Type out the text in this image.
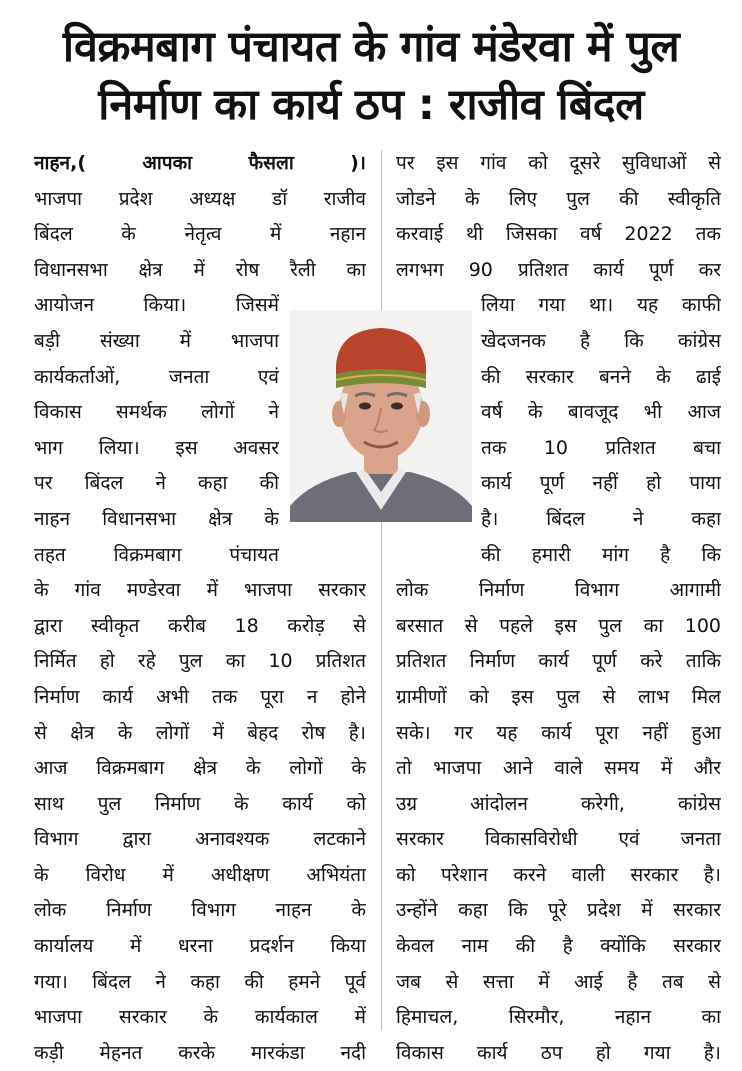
विक्रमबाग पंचायत के गांव मंडेरवा में पुल
निर्माण का कार्य ठप : राजीव बिंदल
नाहन,( आपका फैसला )।
भाजपा प्रदेश अध्यक्ष डॉ राजीव
बिंदल के नेतृत्व में नहान
विधानसभा क्षेत्र में रोष रैली का
आयोजन किया। जिसमें
बड़ी संख्या में भाजपा
कार्यकर्ताओं, जनता एवं
विकास समर्थक लोगों ने
भाग लिया। इस अवसर
पर बिंदल ने कहा की
नाहन विधानसभा क्षेत्र के
तहत विक्रमबाग पंचायत
के गांव मण्डेरवा में भाजपा सरकार
द्वारा स्वीकृत करीब 18 करोड़ से
निर्मित हो रहे पुल का 10 प्रतिशत
निर्माण कार्य अभी तक पूरा न होने
से क्षेत्र के लोगों में बेहद रोष है।
आज विक्रमबाग क्षेत्र के लोगों के
साथ पुल निर्माण के कार्य को
विभाग द्वारा अनावश्यक लटकाने
के विरोध में अधीक्षण अभियंता
लोक निर्माण विभाग नाहन के
कार्यालय में धरना प्रदर्शन किया
गया। बिंदल ने कहा की हमने पूर्व
भाजपा सरकार के कार्यकाल में
कड़ी मेहनत करके मारकंडा नदी
पर इस गांव को दूसरे सुविधाओं से
जोडने के लिए पुल की स्वीकृति
करवाई थी जिसका वर्ष 2022 तक
लगभग 90 प्रतिशत कार्य पूर्ण कर
लिया गया था। यह काफी
खेदजनक है कि कांग्रेस
की सरकार बनने के ढाई
वर्ष के बावजूद भी आज
तक 10 प्रतिशत बचा
कार्य पूर्ण नहीं हो पाया
है। बिंदल ने कहा
की हमारी मांग है कि
लोक निर्माण विभाग आगामी
बरसात से पहले इस पुल का 100
प्रतिशत निर्माण कार्य पूर्ण करे ताकि
ग्रामीणों को इस पुल से लाभ मिल
सके। गर यह कार्य पूरा नहीं हुआ
तो भाजपा आने वाले समय में और
उग्र आंदोलन करेगी, कांग्रेस
सरकार विकासविरोधी एवं जनता
को परेशान करने वाली सरकार है।
उन्होंने कहा कि पूरे प्रदेश में सरकार
केवल नाम की है क्योंकि सरकार
जब से सत्ता में आई है तब से
हिमाचल, सिरमौर, नहान का
विकास कार्य ठप हो गया है।
